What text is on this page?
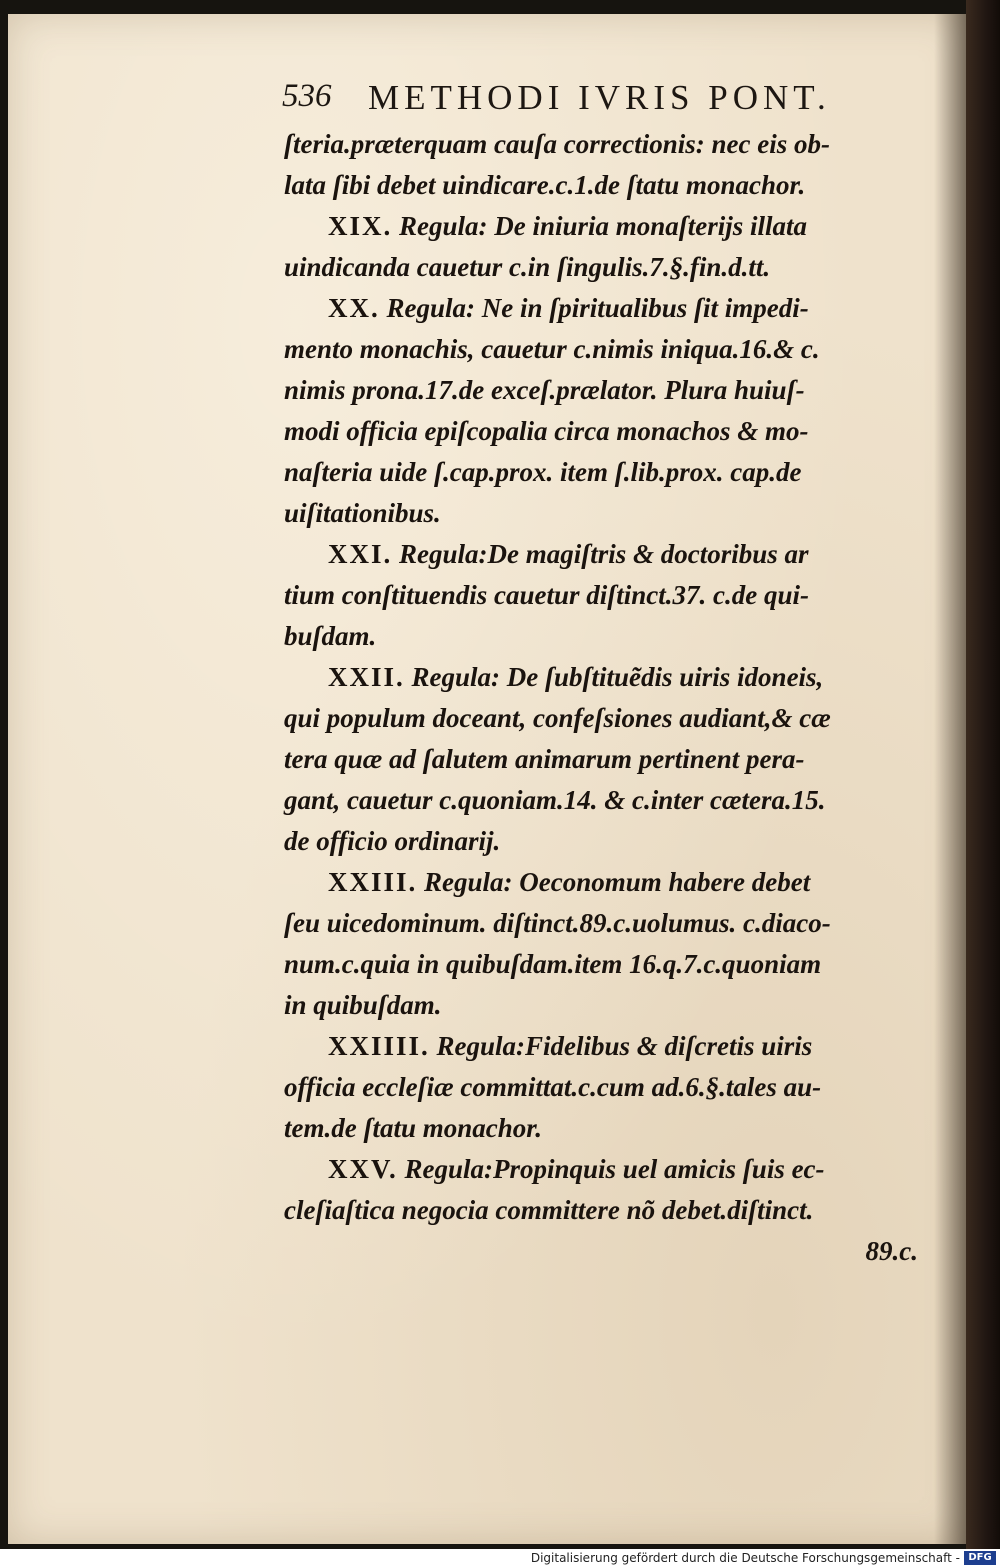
536 METHODI IVRIS PONT.
ſteria.præterquam cauſa correctionis: nec eis ob-
lata ſibi debet uindicare.c.1.de ſtatu monachor.
XIX. Regula: De iniuria monaſterijs illata
uindicanda cauetur c.in ſingulis.7.§.fin.d.tt.
XX. Regula: Ne in ſpiritualibus ſit impedi-
mento monachis, cauetur c.nimis iniqua.16.& c.
nimis prona.17.de exceſ.prælator. Plura huiuſ-
modi officia epiſcopalia circa monachos & mo-
naſteria uide ſ.cap.prox. item ſ.lib.prox. cap.de
uiſitationibus.
XXI. Regula:De magiſtris & doctoribus ar
tium conſtituendis cauetur diſtinct.37. c.de qui-
buſdam.
XXII. Regula: De ſubſtituẽdis uiris idoneis,
qui populum doceant, confeſsiones audiant,& cæ
tera quæ ad ſalutem animarum pertinent pera-
gant, cauetur c.quoniam.14. & c.inter cætera.15.
de officio ordinarij.
XXIII. Regula: Oeconomum habere debet
ſeu uicedominum. diſtinct.89.c.uolumus. c.diaco-
num.c.quia in quibuſdam.item 16.q.7.c.quoniam
in quibuſdam.
XXIIII. Regula:Fidelibus & diſcretis uiris
officia eccleſiæ committat.c.cum ad.6.§.tales au-
tem.de ſtatu monachor.
XXV. Regula:Propinquis uel amicis ſuis ec-
cleſiaſtica negocia committere nõ debet.diſtinct.
89.c.
Digitalisierung gefördert durch die Deutsche Forschungsgemeinschaft - DFG
